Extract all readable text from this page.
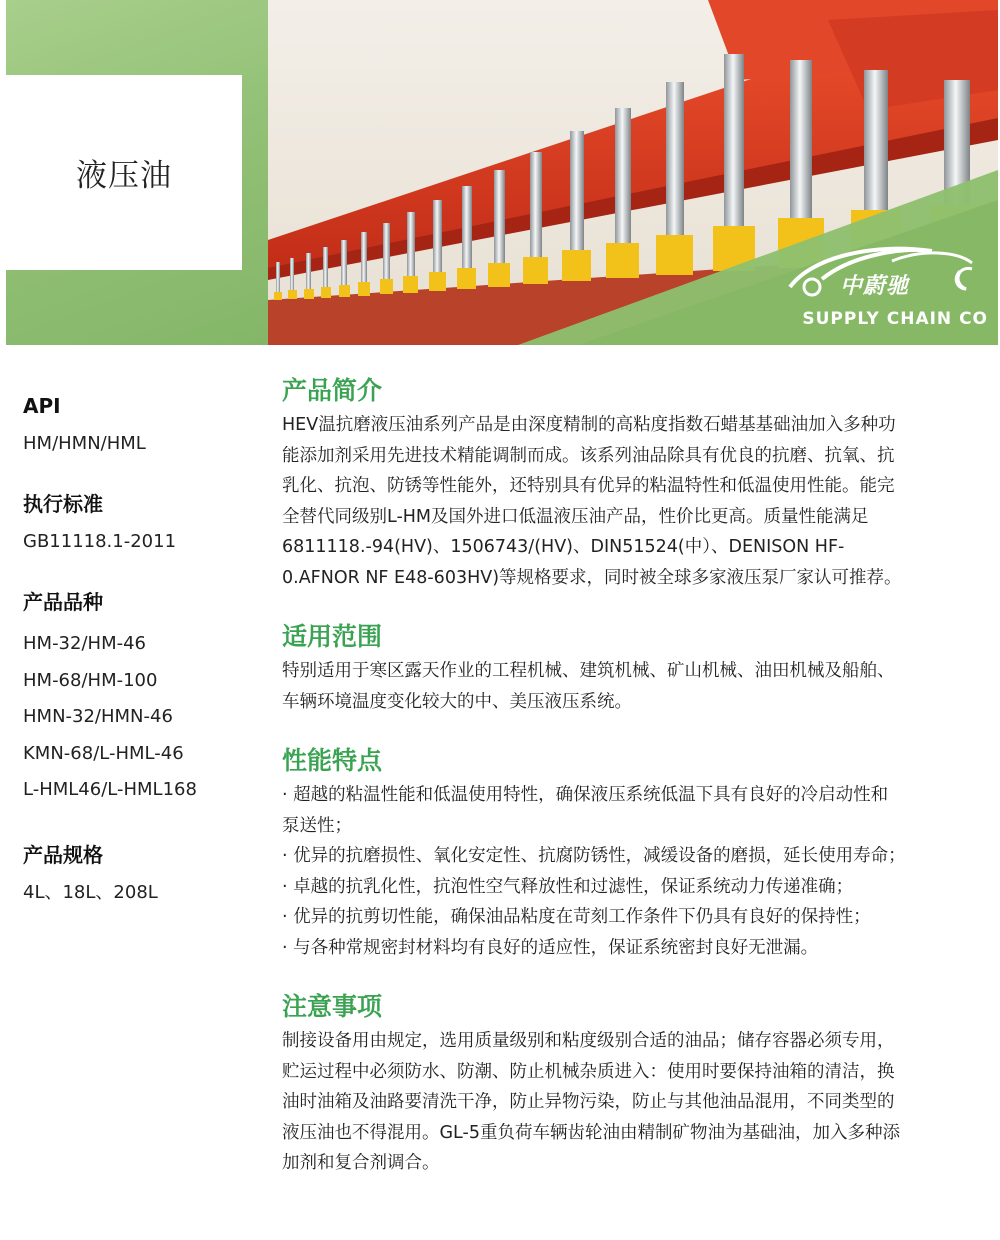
液压油
中蔚驰
SUPPLY CHAIN CO
API
HM/HMN/HML
执行标准
GB11118.1-2011
产品品种
HM-32/HM-46
HM-68/HM-100
HMN-32/HMN-46
KMN-68/L-HML-46
L-HML46/L-HML168
产品规格
4L、18L、208L
产品简介
HEV温抗磨液压油系列产品是由深度精制的高粘度指数石蜡基基础油加入多种功
能添加剂采用先进技术精能调制而成。该系列油品除具有优良的抗磨、抗氧、抗
乳化、抗泡、防锈等性能外，还特别具有优异的粘温特性和低温使用性能。能完
全替代同级别L-HM及国外进口低温液压油产品，性价比更高。质量性能满足
6811118.-94(HV)、1506743/(HV)、DIN51524(中）、DENISON HF-
0.AFNOR NF E48-603HV)等规格要求，同时被全球多家液压泵厂家认可推荐。
适用范围
特别适用于寒区露天作业的工程机械、建筑机械、矿山机械、油田机械及船舶、
车辆环境温度变化较大的中、美压液压系统。
性能特点
· 超越的粘温性能和低温使用特性，确保液压系统低温下具有良好的冷启动性和
泵送性；
· 优异的抗磨损性、氧化安定性、抗腐防锈性，减缓设备的磨损，延长使用寿命；
· 卓越的抗乳化性，抗泡性空气释放性和过滤性，保证系统动力传递准确；
· 优异的抗剪切性能，确保油品粘度在苛刻工作条件下仍具有良好的保持性；
· 与各种常规密封材料均有良好的适应性，保证系统密封良好无泄漏。
注意事项
制接设备用由规定，选用质量级别和粘度级别合适的油品；储存容器必须专用，
贮运过程中必须防水、防潮、防止机械杂质进入：使用时要保持油箱的清洁，换
油时油箱及油路要清洗干净，防止异物污染，防止与其他油品混用，不同类型的
液压油也不得混用。GL-5重负荷车辆齿轮油由精制矿物油为基础油，加入多种添
加剂和复合剂调合。
